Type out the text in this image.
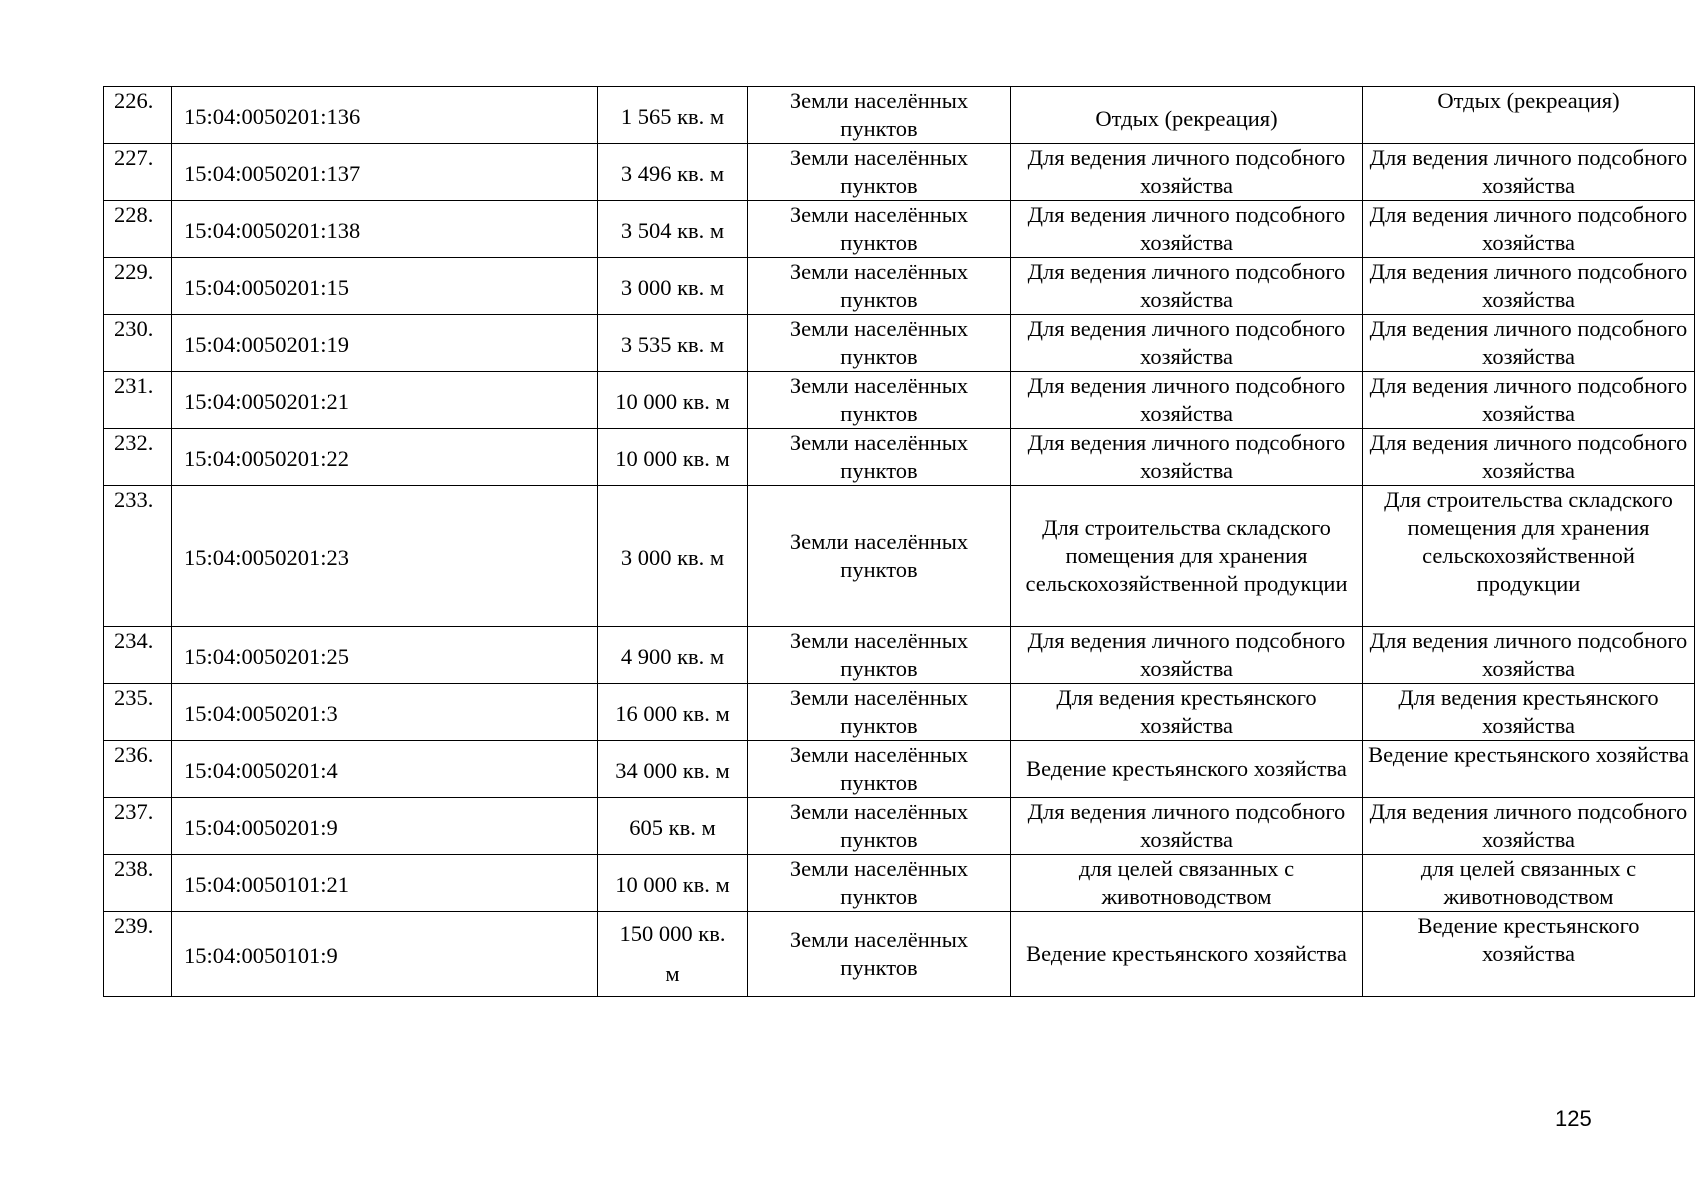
226.	15:04:0050201:136	1 565 кв. м	Земли населённых пунктов	Отдых (рекреация)	Отдых (рекреация)
227.	15:04:0050201:137	3 496 кв. м	Земли населённых пунктов	Для ведения личного подсобного хозяйства	Для ведения личного подсобного хозяйства
228.	15:04:0050201:138	3 504 кв. м	Земли населённых пунктов	Для ведения личного подсобного хозяйства	Для ведения личного подсобного хозяйства
229.	15:04:0050201:15	3 000 кв. м	Земли населённых пунктов	Для ведения личного подсобного хозяйства	Для ведения личного подсобного хозяйства
230.	15:04:0050201:19	3 535 кв. м	Земли населённых пунктов	Для ведения личного подсобного хозяйства	Для ведения личного подсобного хозяйства
231.	15:04:0050201:21	10 000 кв. м	Земли населённых пунктов	Для ведения личного подсобного хозяйства	Для ведения личного подсобного хозяйства
232.	15:04:0050201:22	10 000 кв. м	Земли населённых пунктов	Для ведения личного подсобного хозяйства	Для ведения личного подсобного хозяйства
233.	15:04:0050201:23	3 000 кв. м	Земли населённых пунктов	Для строительства складского помещения для хранения сельскохозяйственной продукции	Для строительства складского помещения для хранения сельскохозяйственной продукции
234.	15:04:0050201:25	4 900 кв. м	Земли населённых пунктов	Для ведения личного подсобного хозяйства	Для ведения личного подсобного хозяйства
235.	15:04:0050201:3	16 000 кв. м	Земли населённых пунктов	Для ведения крестьянского хозяйства	Для ведения крестьянского хозяйства
236.	15:04:0050201:4	34 000 кв. м	Земли населённых пунктов	Ведение крестьянского хозяйства	Ведение крестьянского хозяйства
237.	15:04:0050201:9	605 кв. м	Земли населённых пунктов	Для ведения личного подсобного хозяйства	Для ведения личного подсобного хозяйства
238.	15:04:0050101:21	10 000 кв. м	Земли населённых пунктов	для целей связанных с животноводством	для целей связанных с животноводством
239.	15:04:0050101:9	150 000 кв. м	Земли населённых пунктов	Ведение крестьянского хозяйства	Ведение крестьянского хозяйства
125
